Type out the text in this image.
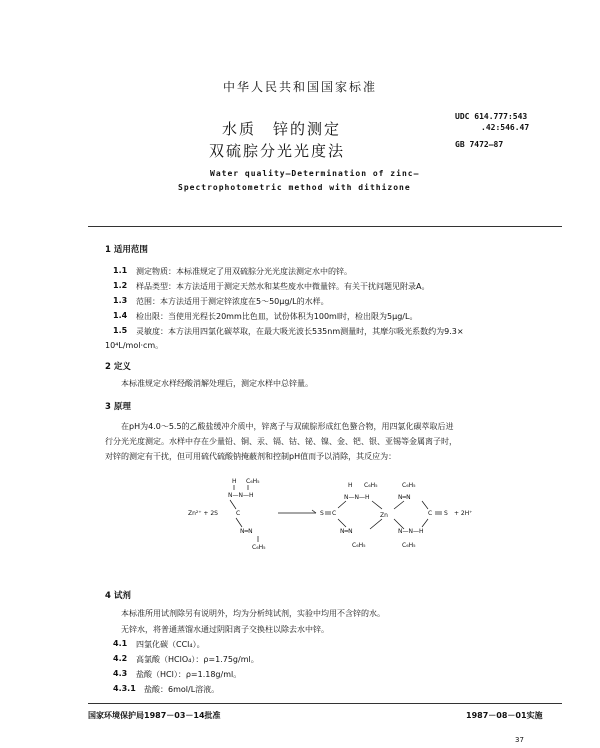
中华人民共和国国家标准
水质　锌的测定
双硫腙分光光度法
UDC 614.777:543
.42:546.47
GB 7472—87
Water quality—Determination of zinc—
Spectrophotometric method with dithizone
1 适用范围
1.1 测定物质：本标准规定了用双硫腙分光光度法测定水中的锌。
1.2 样品类型：本方法适用于测定天然水和某些废水中微量锌。有关干扰问题见附录A。
1.3 范围：本方法适用于测定锌浓度在5～50μg/L的水样。
1.4 检出限：当使用光程长20mm比色皿，试份体积为100ml时，检出限为5μg/L。
1.5 灵敏度：本方法用四氯化碳萃取，在最大吸光波长535nm测量时，其摩尔吸光系数约为9.3×
10⁴L/mol·cm。
2 定义
本标准规定水样经酸消解处理后，测定水样中总锌量。
3 原理
在pH为4.0～5.5的乙酸盐缓冲介质中，锌离子与双硫腙形成红色螯合物，用四氯化碳萃取后进
行分光光度测定。水样中存在少量铅、铜、汞、镉、钴、铋、镍、金、钯、银、亚锡等金属离子时，
对锌的测定有干扰，但可用硫代硫酸钠掩蔽剂和控制pH值而予以消除，其反应为：
Zn²⁺ + 2S
H C₆H₅
N—N—H
C
N═N
C₆H₅
S C
H C₆H₅
N—N—H
N═N
C₆H₅
Zn
C₆H₅
N═N
N—N—H
C₆H₅
C S + 2H⁺
4 试剂
本标准所用试剂除另有说明外，均为分析纯试剂，实验中均用不含锌的水。
无锌水，将普通蒸馏水通过阴阳离子交换柱以除去水中锌。
4.1 四氯化碳（CCl₄）。
4.2 高氯酸（HClO₄）：ρ=1.75g/ml。
4.3 盐酸（HCl）：ρ=1.18g/ml。
4.3.1 盐酸：6mol/L溶液。
国家环境保护局1987－03－14批准	1987－08－01实施
37
